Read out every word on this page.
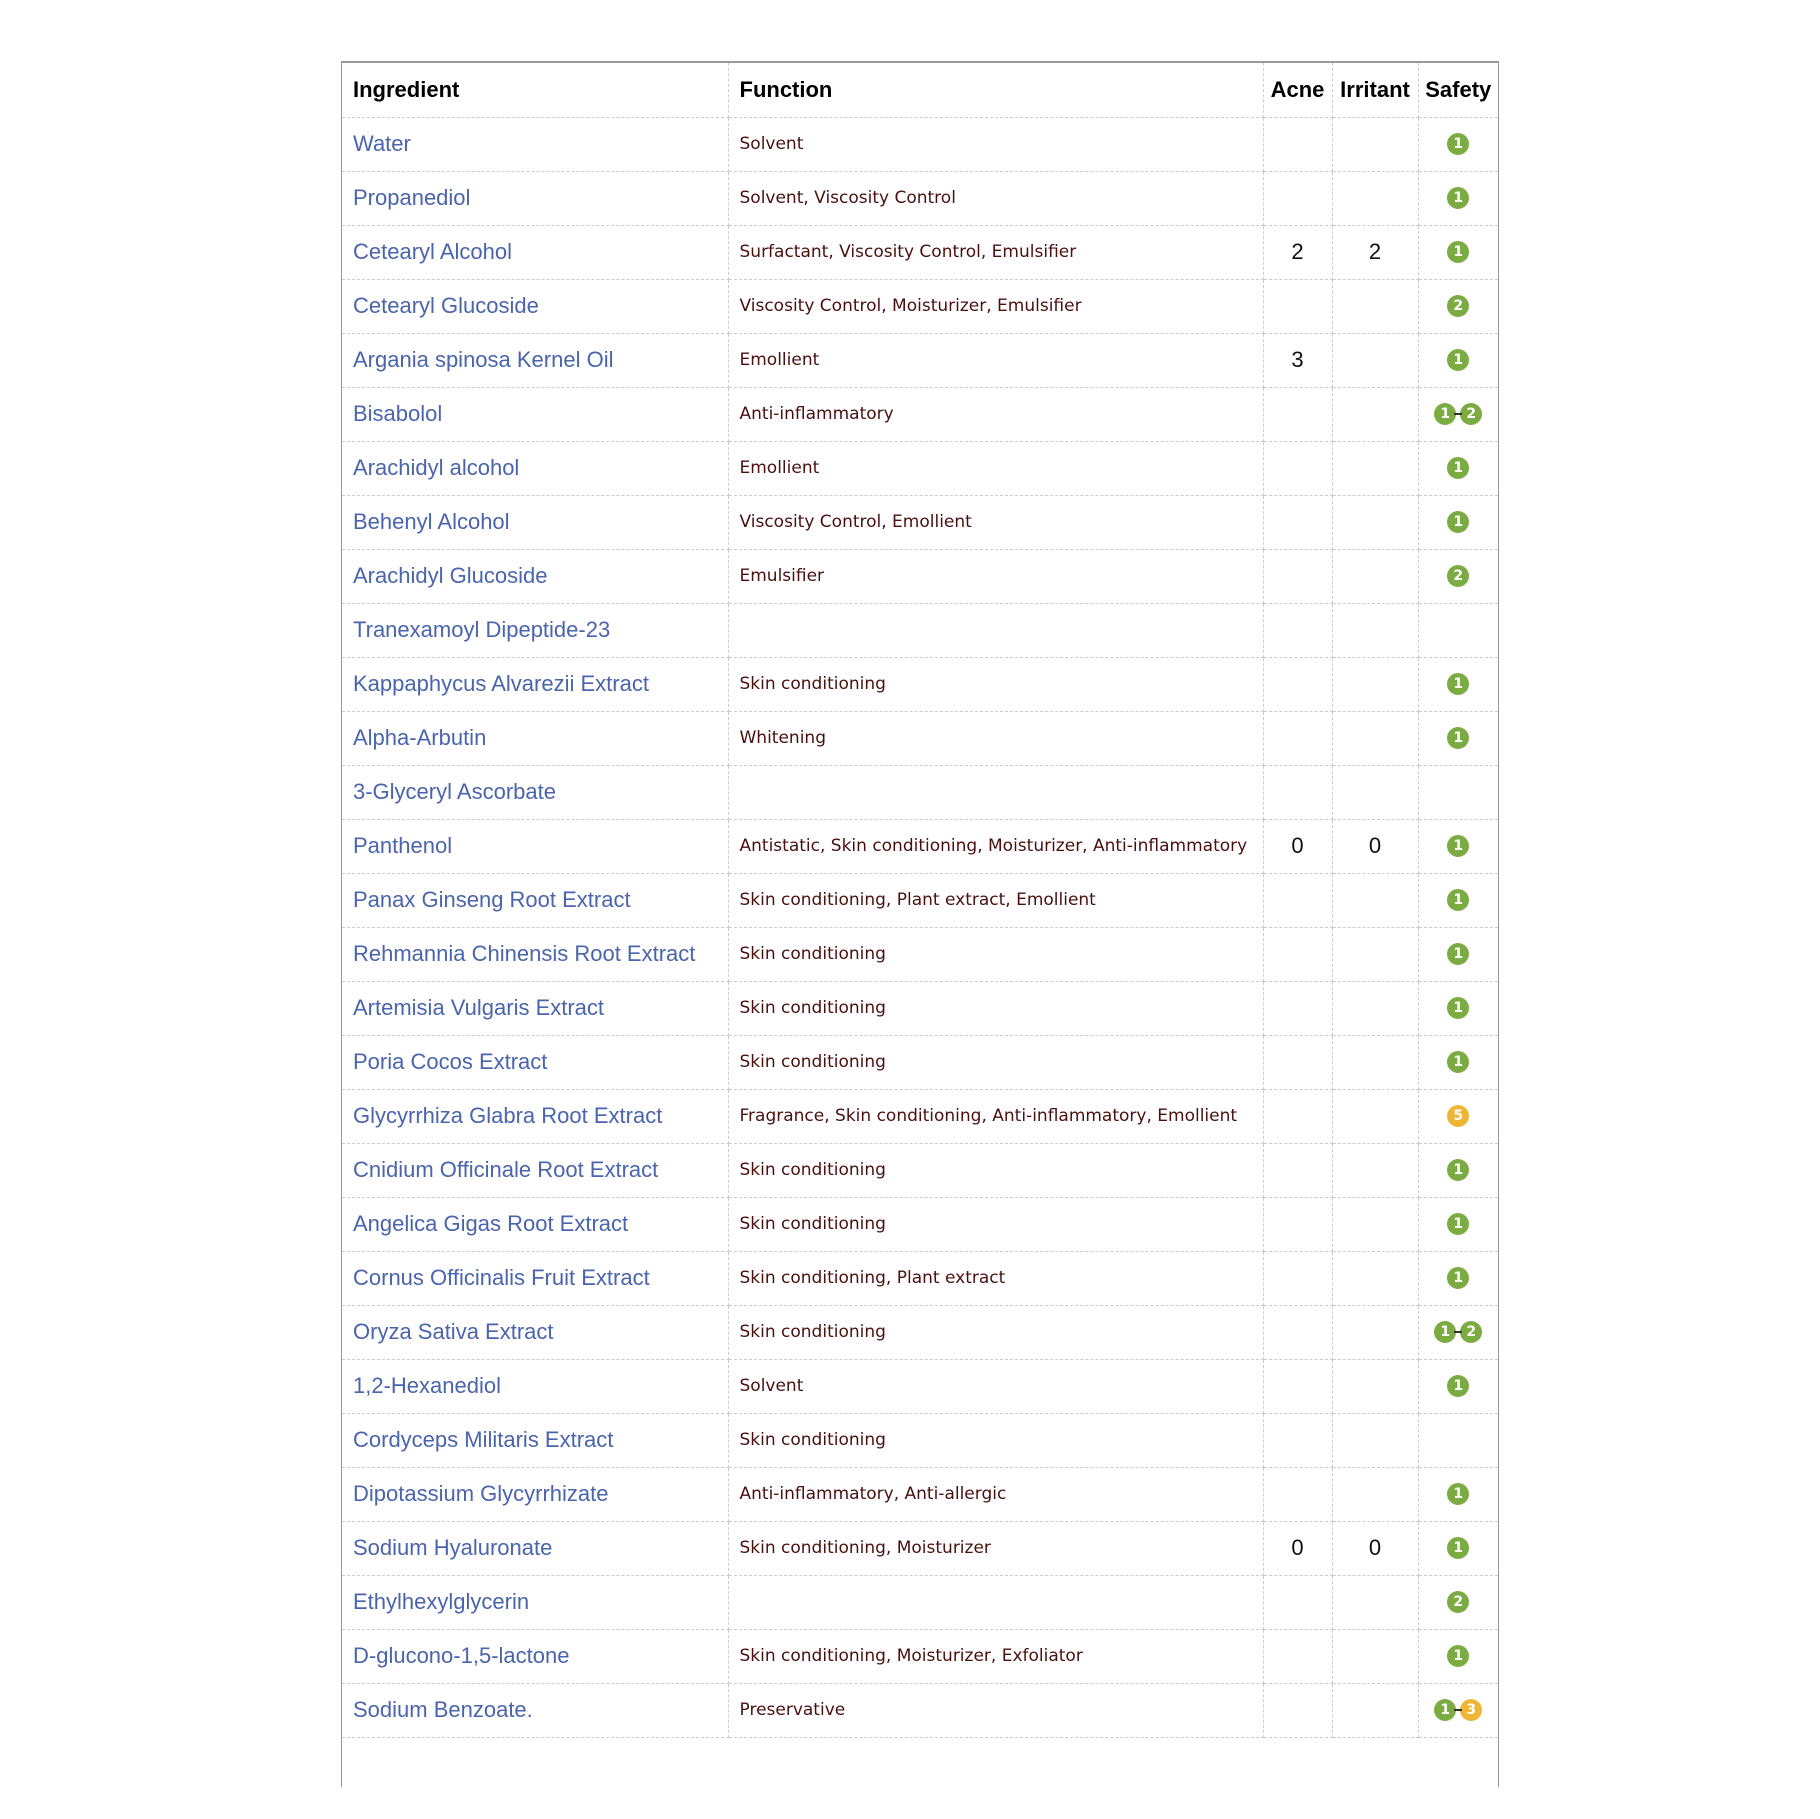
Ingredient	Function	Acne	Irritant	Safety
Water	Solvent			1
Propanediol	Solvent, Viscosity Control			1
Cetearyl Alcohol	Surfactant, Viscosity Control, Emulsifier	2	2	1
Cetearyl Glucoside	Viscosity Control, Moisturizer, Emulsifier			2
Argania spinosa Kernel Oil	Emollient	3		1
Bisabolol	Anti-inflammatory			1 2
Arachidyl alcohol	Emollient			1
Behenyl Alcohol	Viscosity Control, Emollient			1
Arachidyl Glucoside	Emulsifier			2
Tranexamoyl Dipeptide-23				
Kappaphycus Alvarezii Extract	Skin conditioning			1
Alpha-Arbutin	Whitening			1
3-Glyceryl Ascorbate				
Panthenol	Antistatic, Skin conditioning, Moisturizer, Anti-inflammatory	0	0	1
Panax Ginseng Root Extract	Skin conditioning, Plant extract, Emollient			1
Rehmannia Chinensis Root Extract	Skin conditioning			1
Artemisia Vulgaris Extract	Skin conditioning			1
Poria Cocos Extract	Skin conditioning			1
Glycyrrhiza Glabra Root Extract	Fragrance, Skin conditioning, Anti-inflammatory, Emollient			5
Cnidium Officinale Root Extract	Skin conditioning			1
Angelica Gigas Root Extract	Skin conditioning			1
Cornus Officinalis Fruit Extract	Skin conditioning, Plant extract			1
Oryza Sativa Extract	Skin conditioning			1 2
1,2-Hexanediol	Solvent			1
Cordyceps Militaris Extract	Skin conditioning			
Dipotassium Glycyrrhizate	Anti-inflammatory, Anti-allergic			1
Sodium Hyaluronate	Skin conditioning, Moisturizer	0	0	1
Ethylhexylglycerin				2
D-glucono-1,5-lactone	Skin conditioning, Moisturizer, Exfoliator			1
Sodium Benzoate.	Preservative			1 3
